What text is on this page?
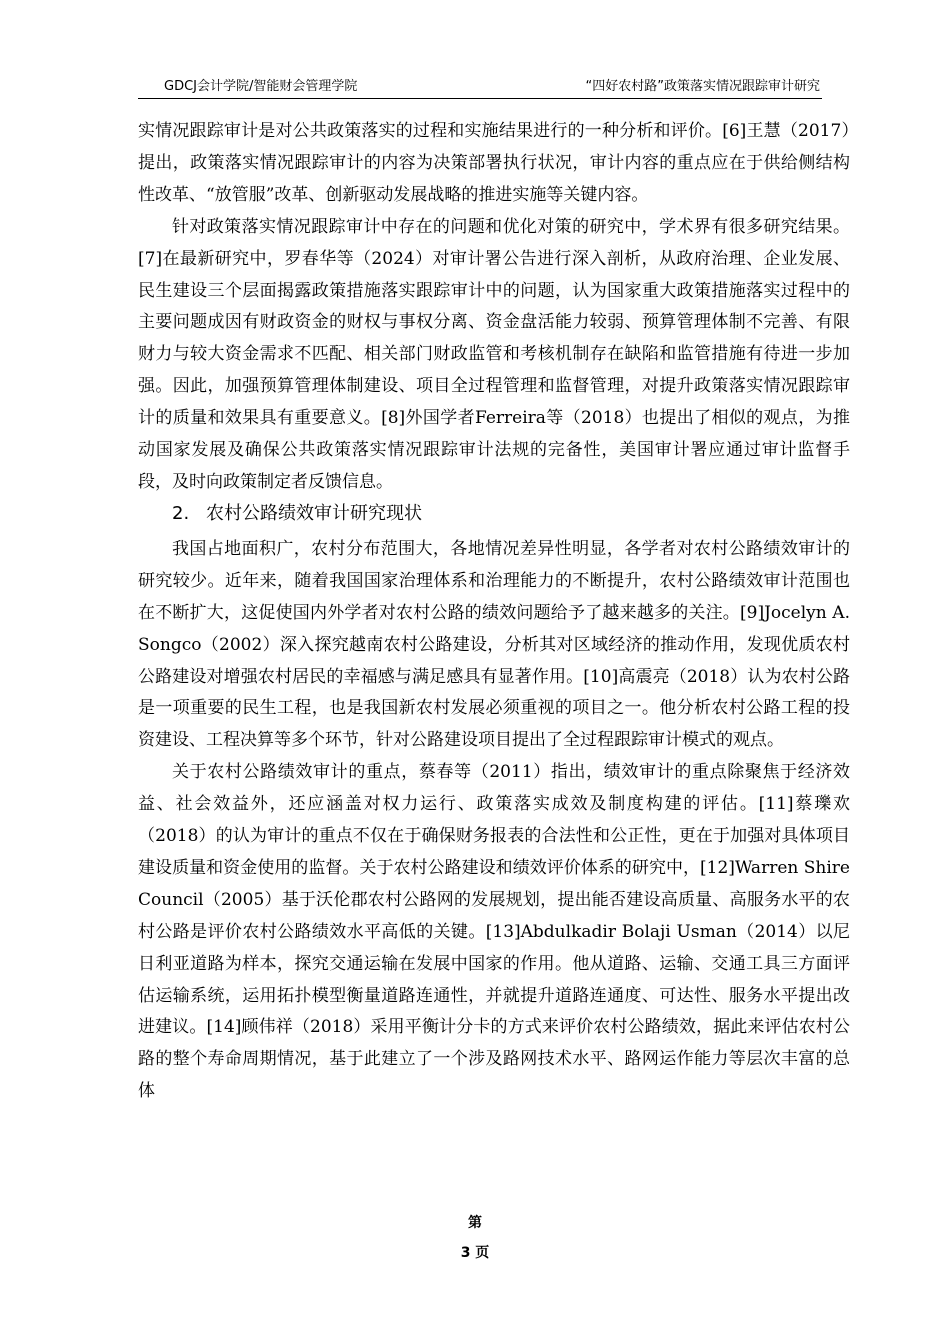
GDCJ会计学院/智能财会管理学院	“四好农村路”政策落实情况跟踪审计研究

实情况跟踪审计是对公共政策落实的过程和实施结果进行的一种分析和评价。[6]王慧（2017）提出，政策落实情况跟踪审计的内容为决策部署执行状况，审计内容的重点应在于供给侧结构性改革、“放管服”改革、创新驱动发展战略的推进实施等关键内容。

针对政策落实情况跟踪审计中存在的问题和优化对策的研究中，学术界有很多研究结果。[7]在最新研究中，罗春华等（2024）对审计署公告进行深入剖析，从政府治理、企业发展、民生建设三个层面揭露政策措施落实跟踪审计中的问题，认为国家重大政策措施落实过程中的主要问题成因有财政资金的财权与事权分离、资金盘活能力较弱、预算管理体制不完善、有限财力与较大资金需求不匹配、相关部门财政监管和考核机制存在缺陷和监管措施有待进一步加强。因此，加强预算管理体制建设、项目全过程管理和监督管理，对提升政策落实情况跟踪审计的质量和效果具有重要意义。[8]外国学者Ferreira等（2018）也提出了相似的观点，为推动国家发展及确保公共政策落实情况跟踪审计法规的完备性，美国审计署应通过审计监督手段，及时向政策制定者反馈信息。

2. 农村公路绩效审计研究现状

我国占地面积广，农村分布范围大，各地情况差异性明显，各学者对农村公路绩效审计的研究较少。近年来，随着我国国家治理体系和治理能力的不断提升，农村公路绩效审计范围也在不断扩大，这促使国内外学者对农村公路的绩效问题给予了越来越多的关注。[9]Jocelyn A. Songco（2002）深入探究越南农村公路建设，分析其对区域经济的推动作用，发现优质农村公路建设对增强农村居民的幸福感与满足感具有显著作用。[10]高震亮（2018）认为农村公路是一项重要的民生工程，也是我国新农村发展必须重视的项目之一。他分析农村公路工程的投资建设、工程决算等多个环节，针对公路建设项目提出了全过程跟踪审计模式的观点。

关于农村公路绩效审计的重点，蔡春等（2011）指出，绩效审计的重点除聚焦于经济效益、社会效益外，还应涵盖对权力运行、政策落实成效及制度构建的评估。[11]蔡瓅欢（2018）的认为审计的重点不仅在于确保财务报表的合法性和公正性，更在于加强对具体项目建设质量和资金使用的监督。关于农村公路建设和绩效评价体系的研究中，[12]Warren Shire Council（2005）基于沃伦郡农村公路网的发展规划，提出能否建设高质量、高服务水平的农村公路是评价农村公路绩效水平高低的关键。[13]Abdulkadir Bolaji Usman（2014）以尼日利亚道路为样本，探究交通运输在发展中国家的作用。他从道路、运输、交通工具三方面评估运输系统，运用拓扑模型衡量道路连通性，并就提升道路连通度、可达性、服务水平提出改进建议。[14]顾伟祥（2018）采用平衡计分卡的方式来评价农村公路绩效，据此来评估农村公路的整个寿命周期情况，基于此建立了一个涉及路网技术水平、路网运作能力等层次丰富的总体

第
3 页
